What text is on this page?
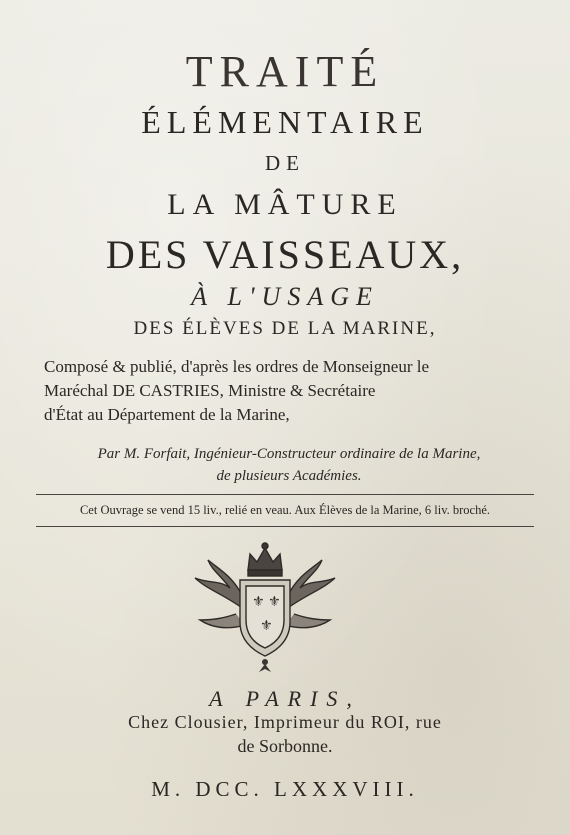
TRAITÉ
ÉLÉMENTAIRE
DE
LA MÂTURE
DES VAISSEAUX,
À L'USAGE
DES ÉLÈVES DE LA MARINE,
Composé & publié, d'après les ordres de Monseigneur le
Maréchal DE CASTRIES, Ministre & Secrétaire
d'État au Département de la Marine,
Par M. Forfait, Ingénieur-Constructeur ordinaire de la Marine,
de plusieurs Académies.
Cet Ouvrage se vend 15 liv., relié en veau. Aux Élèves de la Marine, 6 liv. broché.
⚜ ⚜
⚜
A PARIS,
Chez Clousier, Imprimeur du ROI, rue
de Sorbonne.
M. DCC. LXXXVIII.
